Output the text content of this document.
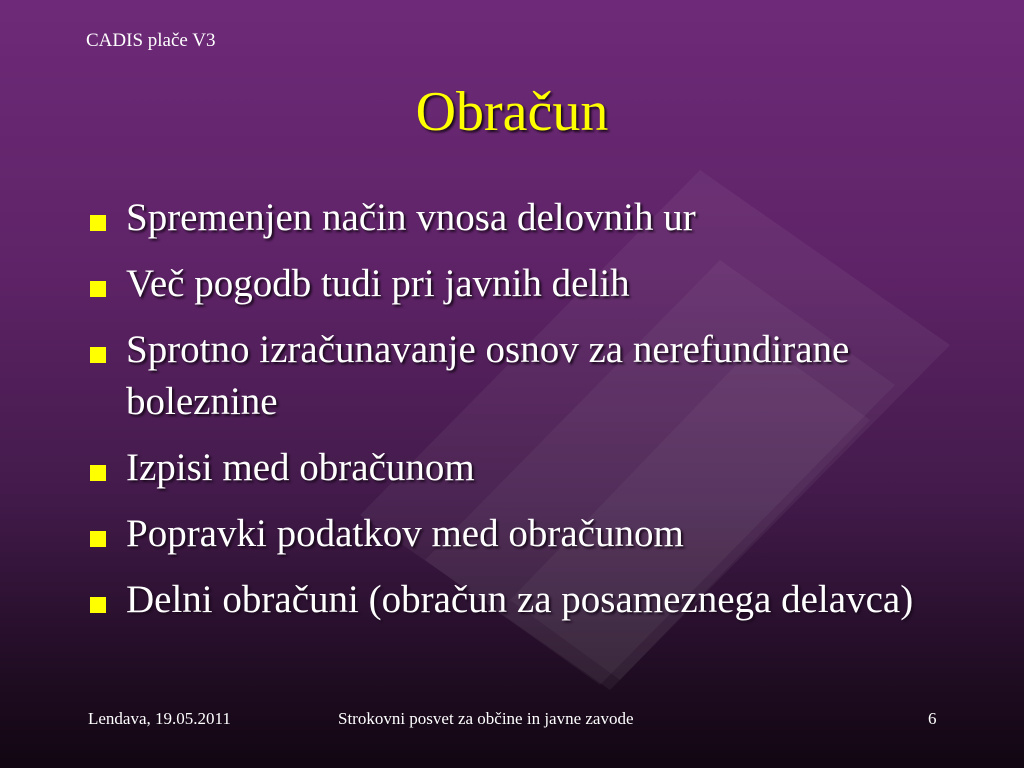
CADIS plače V3

Obračun
Spremenjen način vnosa delovnih ur
Več pogodb tudi pri javnih delih
Sprotno izračunavanje osnov za nerefundirane boleznine
Izpisi med obračunom
Popravki podatkov med obračunom
Delni obračuni (obračun za posameznega delavca)

Lendava, 19.05.2011	Strokovni posvet za občine in javne zavode	6
